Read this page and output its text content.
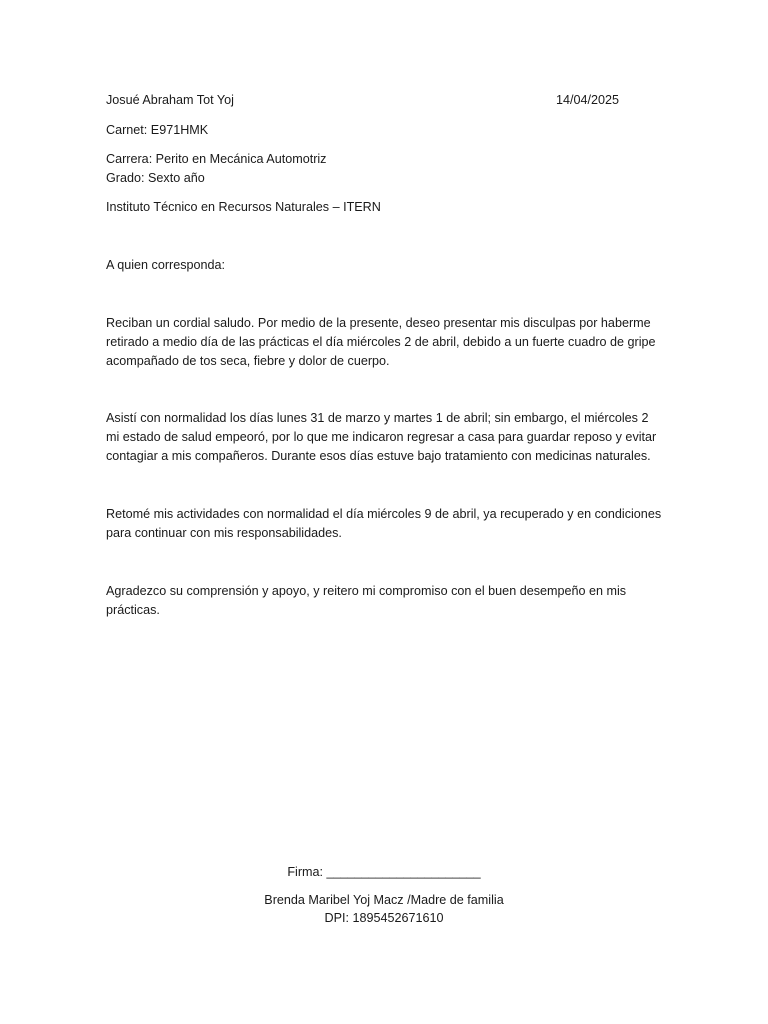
Josué Abraham Tot Yoj	14/04/2025
Carnet: E971HMK
Carrera: Perito en Mecánica Automotriz
Grado: Sexto año
Instituto Técnico en Recursos Naturales – ITERN
A quien corresponda:
Reciban un cordial saludo. Por medio de la presente, deseo presentar mis disculpas por haberme
retirado a medio día de las prácticas el día miércoles 2 de abril, debido a un fuerte cuadro de gripe
acompañado de tos seca, fiebre y dolor de cuerpo.
Asistí con normalidad los días lunes 31 de marzo y martes 1 de abril; sin embargo, el miércoles 2
mi estado de salud empeoró, por lo que me indicaron regresar a casa para guardar reposo y evitar
contagiar a mis compañeros. Durante esos días estuve bajo tratamiento con medicinas naturales.
Retomé mis actividades con normalidad el día miércoles 9 de abril, ya recuperado y en condiciones
para continuar con mis responsabilidades.
Agradezco su comprensión y apoyo, y reitero mi compromiso con el buen desempeño en mis
prácticas.
Firma: ______________________
Brenda Maribel Yoj Macz /Madre de familia
DPI: 1895452671610
